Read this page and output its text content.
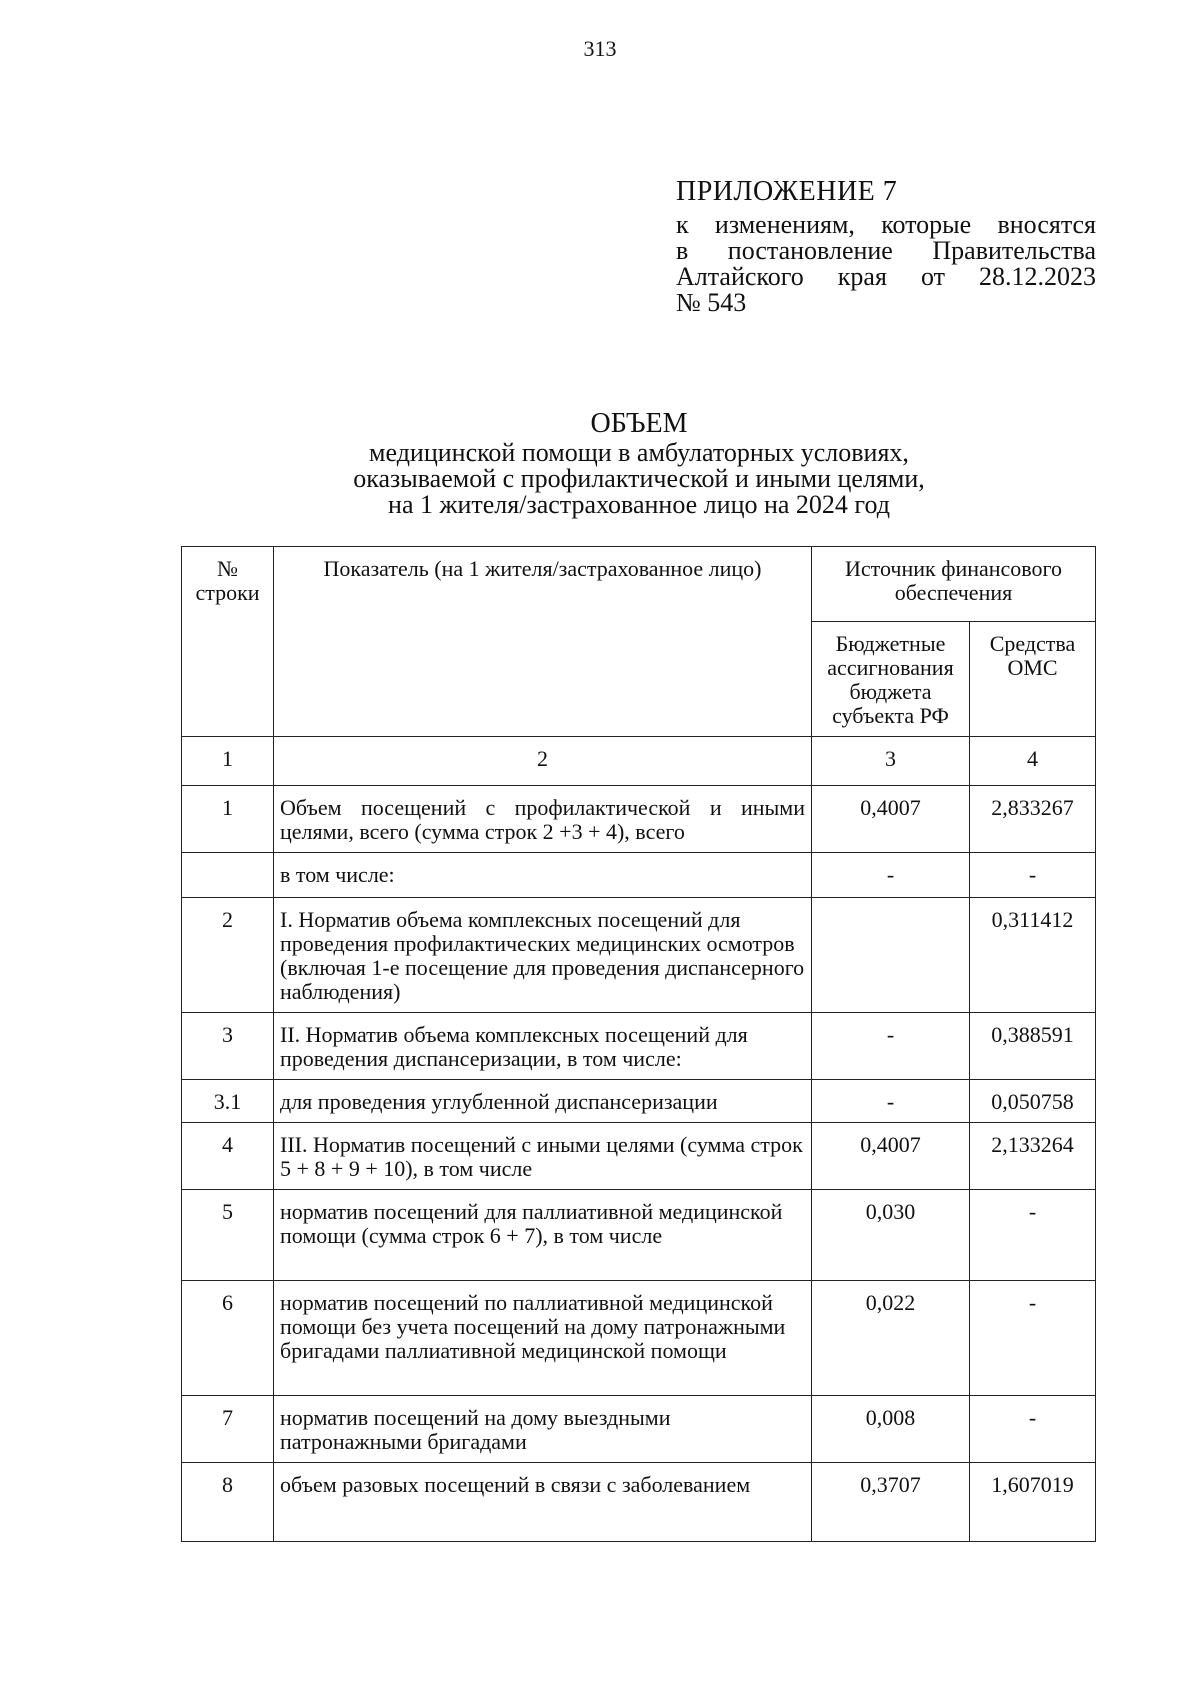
313
ПРИЛОЖЕНИЕ 7
к изменениям, которые вносятся
в постановление Правительства
Алтайского края от 28.12.2023
№ 543
ОБЪЕМ
медицинской помощи в амбулаторных условиях,
оказываемой с профилактической и иными целями,
на 1 жителя/застрахованное лицо на 2024 год
№ строки	Показатель (на 1 жителя/застрахованное лицо)	Источник финансового обеспечения	
		Бюджетные ассигнования бюджета субъекта РФ	Средства ОМС
1	2	3	4
1	Объем посещений с профилактической и иными целями, всего (сумма строк 2 +3 + 4), всего	0,4007	2,833267
	в том числе:	-	-
2	I. Норматив объема комплексных посещений для проведения профилактических медицинских осмотров (включая 1-е посещение для проведения диспансерного наблюдения)		0,311412
3	II. Норматив объема комплексных посещений для проведения диспансеризации, в том числе:	-	0,388591
3.1	для проведения углубленной диспансеризации	-	0,050758
4	III. Норматив посещений с иными целями (сумма строк 5 + 8 + 9 + 10), в том числе	0,4007	2,133264
5	норматив посещений для паллиативной медицинской помощи (сумма строк 6 + 7), в том числе	0,030	-
6	норматив посещений по паллиативной медицинской помощи без учета посещений на дому патронажными бригадами паллиативной медицинской помощи	0,022	-
7	норматив посещений на дому выездными патронажными бригадами	0,008	-
8	объем разовых посещений в связи с заболеванием	0,3707	1,607019
